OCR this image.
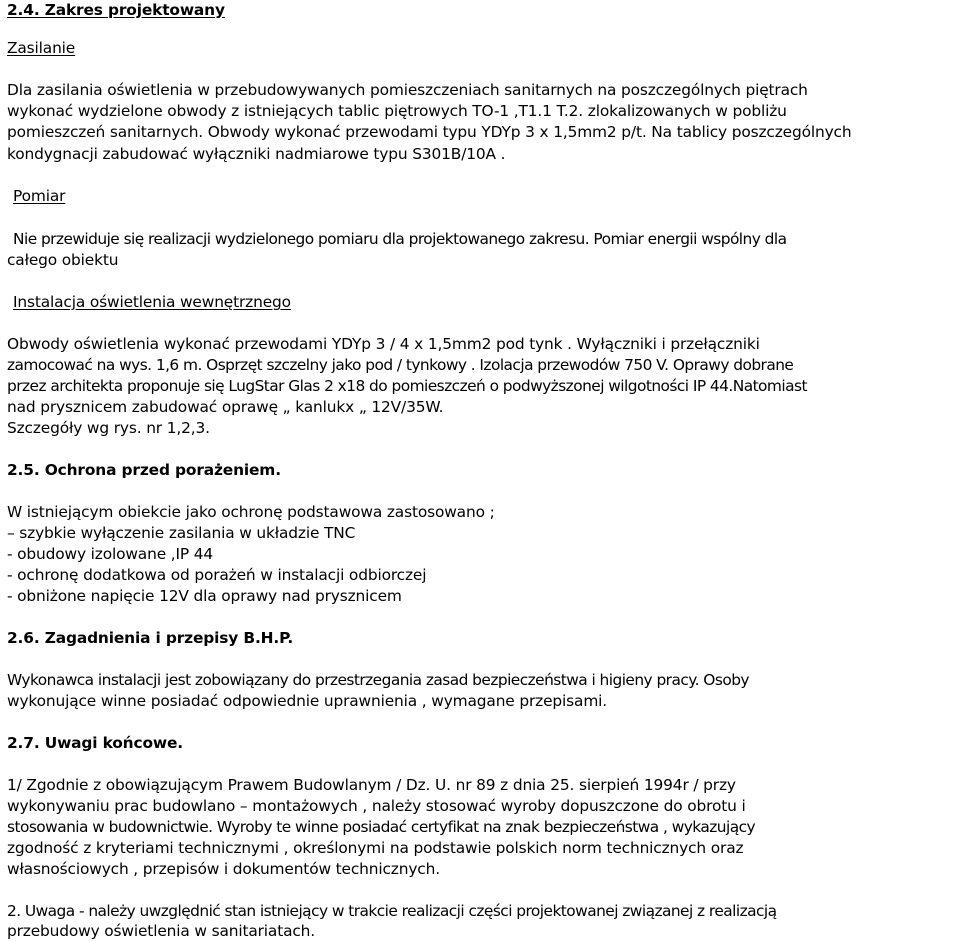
2.4. Zakres projektowany
Zasilanie
Dla zasilania oświetlenia w przebudowywanych pomieszczeniach sanitarnych na poszczególnych piętrach
wykonać wydzielone obwody z istniejących tablic piętrowych TO-1 ,T1.1 T.2. zlokalizowanych w pobliżu
pomieszczeń sanitarnych. Obwody wykonać przewodami typu YDYp 3 x 1,5mm2 p/t. Na tablicy poszczególnych
kondygnacji zabudować wyłączniki nadmiarowe typu S301B/10A .
Pomiar
Nie przewiduje się realizacji wydzielonego pomiaru dla projektowanego zakresu. Pomiar energii wspólny dla
całego obiektu
Instalacja oświetlenia wewnętrznego
Obwody oświetlenia wykonać przewodami YDYp 3 / 4 x 1,5mm2 pod tynk . Wyłączniki i przełączniki
zamocować na wys. 1,6 m. Osprzęt szczelny jako pod / tynkowy . Izolacja przewodów 750 V. Oprawy dobrane
przez architekta proponuje się LugStar Glas 2 x18 do pomieszczeń o podwyższonej wilgotności IP 44.Natomiast
nad prysznicem zabudować oprawę „ kanlukx „ 12V/35W.
Szczegóły wg rys. nr 1,2,3.
2.5. Ochrona przed porażeniem.
W istniejącym obiekcie jako ochronę podstawowa zastosowano ;
– szybkie wyłączenie zasilania w układzie TNC
- obudowy izolowane ,IP 44
- ochronę dodatkowa od porażeń w instalacji odbiorczej
- obniżone napięcie 12V dla oprawy nad prysznicem
2.6. Zagadnienia i przepisy B.H.P.
Wykonawca instalacji jest zobowiązany do przestrzegania zasad bezpieczeństwa i higieny pracy. Osoby
wykonujące winne posiadać odpowiednie uprawnienia , wymagane przepisami.
2.7. Uwagi końcowe.
1/ Zgodnie z obowiązującym Prawem Budowlanym / Dz. U. nr 89 z dnia 25. sierpień 1994r / przy
wykonywaniu prac budowlano – montażowych , należy stosować wyroby dopuszczone do obrotu i
stosowania w budownictwie. Wyroby te winne posiadać certyfikat na znak bezpieczeństwa , wykazujący
zgodność z kryteriami technicznymi , określonymi na podstawie polskich norm technicznych oraz
własnościowych , przepisów i dokumentów technicznych.
2. Uwaga - należy uwzględnić stan istniejący w trakcie realizacji części projektowanej związanej z realizacją
przebudowy oświetlenia w sanitariatach.
